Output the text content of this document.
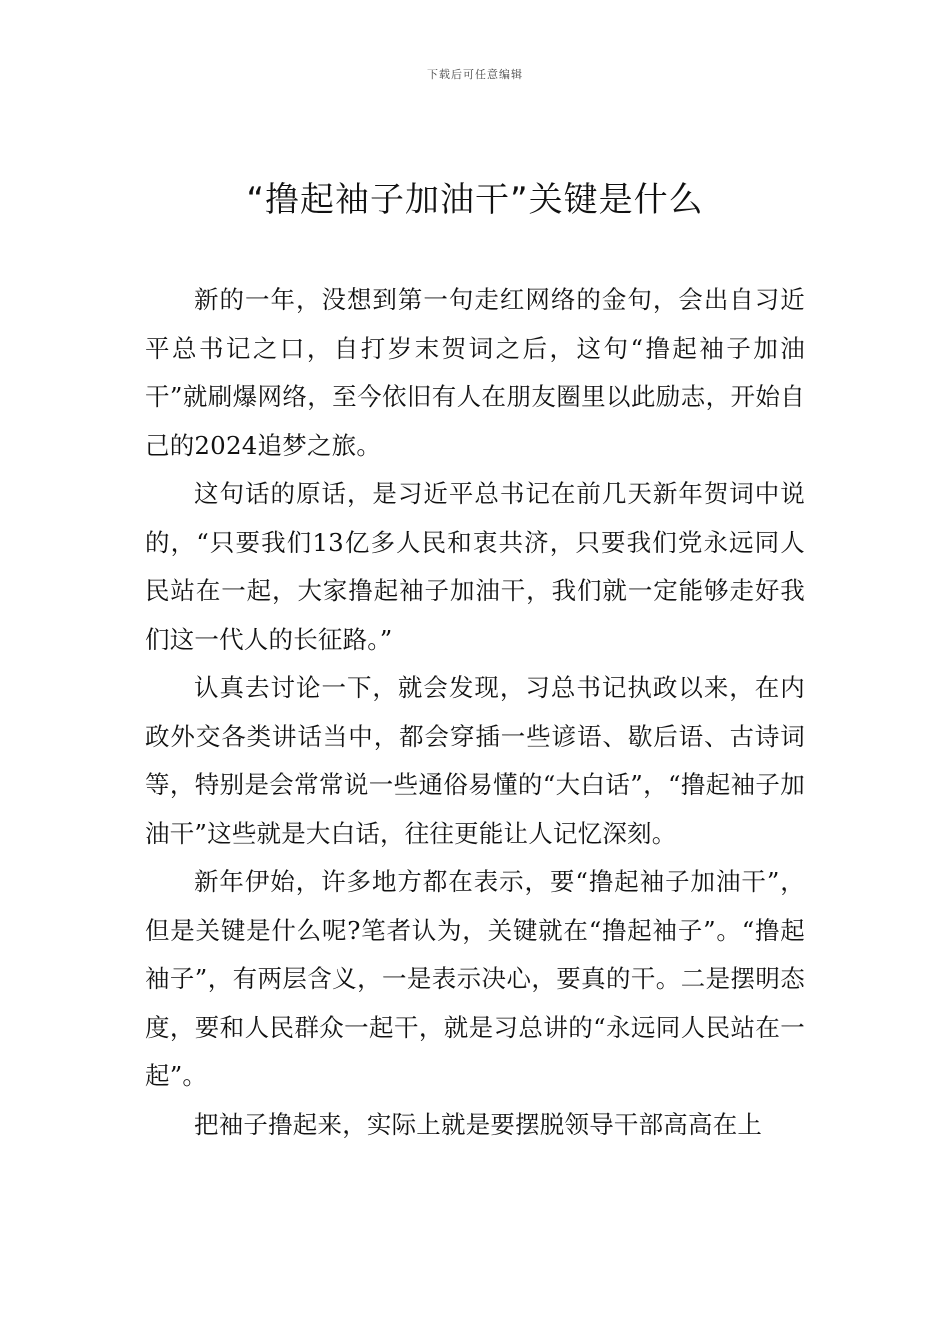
下载后可任意编辑
“撸起袖子加油干”关键是什么

新的一年，没想到第一句走红网络的金句，会出自习近平总书记之口，自打岁末贺词之后，这句“撸起袖子加油干”就刷爆网络，至今依旧有人在朋友圈里以此励志，开始自己的2024追梦之旅。

这句话的原话，是习近平总书记在前几天新年贺词中说的，“只要我们13亿多人民和衷共济，只要我们党永远同人民站在一起，大家撸起袖子加油干，我们就一定能够走好我们这一代人的长征路。”

认真去讨论一下，就会发现，习总书记执政以来，在内政外交各类讲话当中，都会穿插一些谚语、歇后语、古诗词等，特别是会常常说一些通俗易懂的“大白话”，“撸起袖子加油干”这些就是大白话，往往更能让人记忆深刻。

新年伊始，许多地方都在表示，要“撸起袖子加油干”，但是关键是什么呢?笔者认为，关键就在“撸起袖子”。“撸起袖子”，有两层含义，一是表示决心，要真的干。二是摆明态度，要和人民群众一起干，就是习总讲的“永远同人民站在一起”。

把袖子撸起来，实际上就是要摆脱领导干部高高在上
